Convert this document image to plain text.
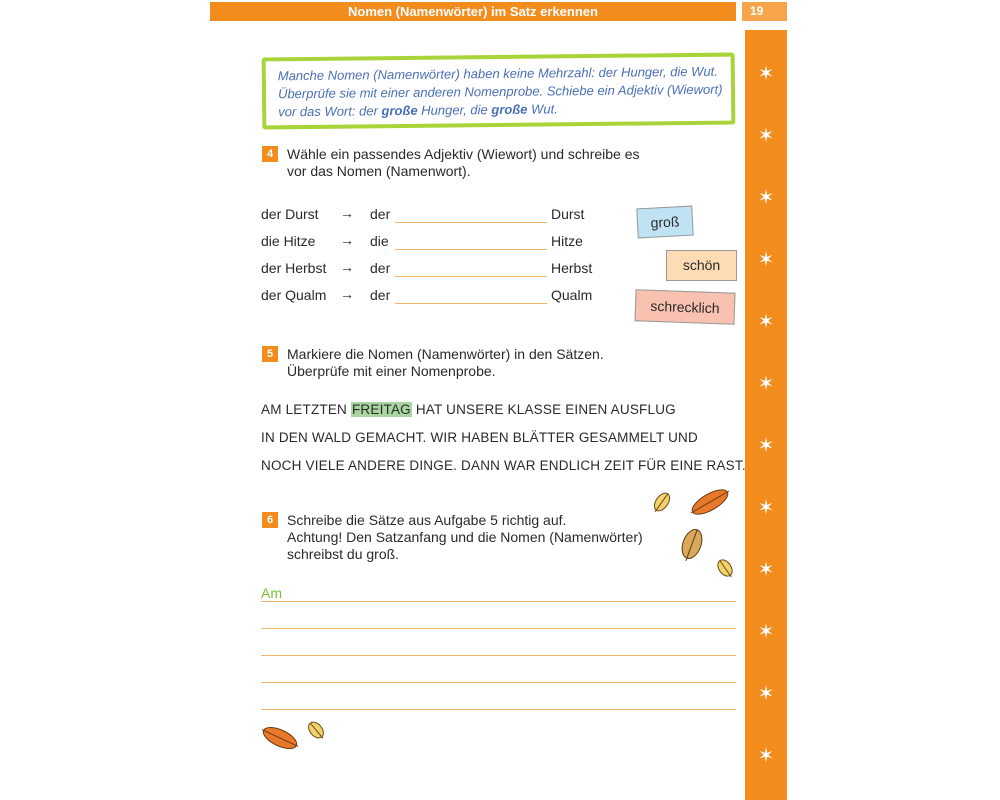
Nomen (Namenwörter) im Satz erkennen	19
✶
✶
✶
✶
✶
✶
✶
✶
✶
✶
✶
✶
Manche Nomen (Namenwörter) haben keine Mehrzahl: der Hunger, die Wut.
Überprüfe sie mit einer anderen Nomenprobe. Schiebe ein Adjektiv (Wiewort)
vor das Wort: der große Hunger, die große Wut.
4 Wähle ein passendes Adjektiv (Wiewort) und schreibe es
vor das Nomen (Namenwort).
der Durst → der	Durst
die Hitze → die	Hitze
der Herbst → der	Herbst
der Qualm → der	Qualm
groß
schön
schrecklich
5 Markiere die Nomen (Namenwörter) in den Sätzen.
Überprüfe mit einer Nomenprobe.
AM LETZTEN FREITAG HAT UNSERE KLASSE EINEN AUSFLUG
IN DEN WALD GEMACHT. WIR HABEN BLÄTTER GESAMMELT UND
NOCH VIELE ANDERE DINGE. DANN WAR ENDLICH ZEIT FÜR EINE RAST.
6 Schreibe die Sätze aus Aufgabe 5 richtig auf.
Achtung! Den Satzanfang und die Nomen (Namenwörter)
schreibst du groß.
Am
